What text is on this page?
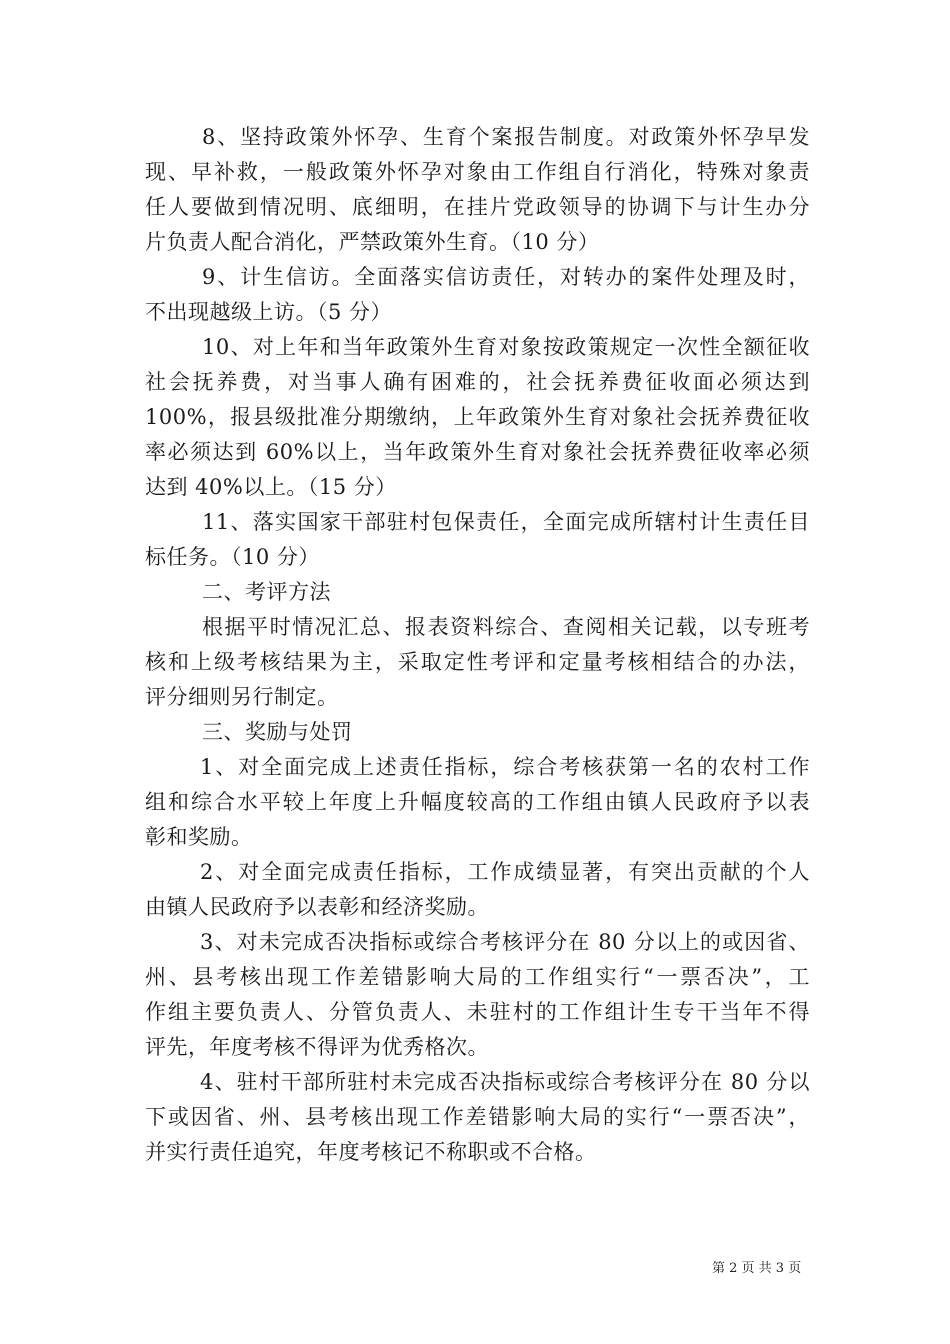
8、坚持政策外怀孕、生育个案报告制度。对政策外怀孕早发
现、早补救，一般政策外怀孕对象由工作组自行消化，特殊对象责
任人要做到情况明、底细明，在挂片党政领导的协调下与计生办分
片负责人配合消化，严禁政策外生育。（10 分）
9、计生信访。全面落实信访责任，对转办的案件处理及时，
不出现越级上访。（5 分）
10、对上年和当年政策外生育对象按政策规定一次性全额征收
社会抚养费，对当事人确有困难的，社会抚养费征收面必须达到
100%，报县级批准分期缴纳，上年政策外生育对象社会抚养费征收
率必须达到 60%以上，当年政策外生育对象社会抚养费征收率必须
达到 40%以上。（15 分）
11、落实国家干部驻村包保责任，全面完成所辖村计生责任目
标任务。（10 分）
二、考评方法
根据平时情况汇总、报表资料综合、查阅相关记载，以专班考
核和上级考核结果为主，采取定性考评和定量考核相结合的办法，
评分细则另行制定。
三、奖励与处罚
1、对全面完成上述责任指标，综合考核获第一名的农村工作
组和综合水平较上年度上升幅度较高的工作组由镇人民政府予以表
彰和奖励。
2、对全面完成责任指标，工作成绩显著，有突出贡献的个人
由镇人民政府予以表彰和经济奖励。
3、对未完成否决指标或综合考核评分在 80 分以上的或因省、
州、县考核出现工作差错影响大局的工作组实行“一票否决”，工
作组主要负责人、分管负责人、未驻村的工作组计生专干当年不得
评先，年度考核不得评为优秀格次。
4、驻村干部所驻村未完成否决指标或综合考核评分在 80 分以
下或因省、州、县考核出现工作差错影响大局的实行“一票否决”，
并实行责任追究，年度考核记不称职或不合格。
第 2 页 共 3 页
